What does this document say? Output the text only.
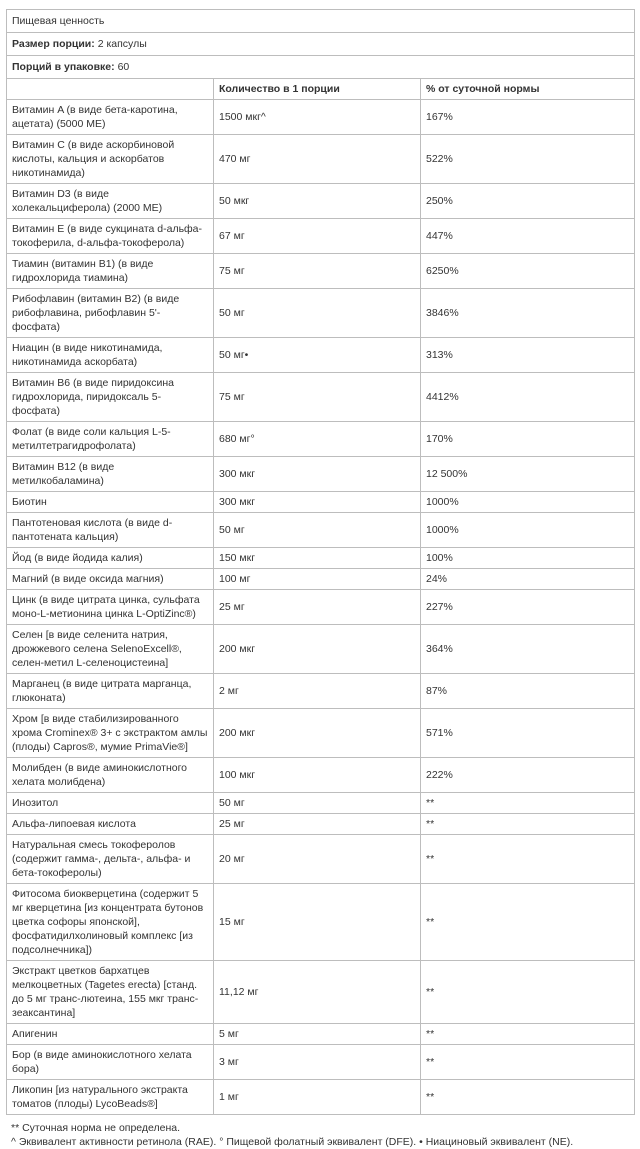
Пищевая ценность		
Размер порции: 2 капсулы		
Порций в упаковке: 60		
	Количество в 1 порции	% от суточной нормы
Витамин A (в виде бета-каротина, ацетата) (5000 МЕ)	1500 мкг^	167%
Витамин C (в виде аскорбиновой кислоты, кальция и аскорбатов никотинамида)	470 мг	522%
Витамин D3 (в виде холекальциферола) (2000 МЕ)	50 мкг	250%
Витамин E (в виде сукцината d-альфа-токоферила, d-альфа-токоферола)	67 мг	447%
Тиамин (витамин B1) (в виде гидрохлорида тиамина)	75 мг	6250%
Рибофлавин (витамин B2) (в виде рибофлавина, рибофлавин 5'-фосфата)	50 мг	3846%
Ниацин (в виде никотинамида, никотинамида аскорбата)	50 мг•	313%
Витамин B6 (в виде пиридоксина гидрохлорида, пиридоксаль 5-фосфата)	75 мг	4412%
Фолат (в виде соли кальция L-5-метилтетрагидрофолата)	680 мг°	170%
Витамин B12 (в виде метилкобаламина)	300 мкг	12 500%
Биотин	300 мкг	1000%
Пантотеновая кислота (в виде d-пантотената кальция)	50 мг	1000%
Йод (в виде йодида калия)	150 мкг	100%
Магний (в виде оксида магния)	100 мг	24%
Цинк (в виде цитрата цинка, сульфата моно-L-метионина цинка L-OptiZinc®)	25 мг	227%
Селен [в виде селенита натрия, дрожжевого селена SelenoExcell®, селен-метил L-селеноцистеина]	200 мкг	364%
Марганец (в виде цитрата марганца, глюконата)	2 мг	87%
Хром [в виде стабилизированного хрома Crominex® 3+ с экстрактом амлы (плоды) Capros®, мумие PrimaVie®]	200 мкг	571%
Молибден (в виде аминокислотного хелата молибдена)	100 мкг	222%
Инозитол	50 мг	**
Альфа-липоевая кислота	25 мг	**
Натуральная смесь токоферолов (содержит гамма-, дельта-, альфа- и бета-токоферолы)	20 мг	**
Фитосома биокверцетина (содержит 5 мг кверцетина [из концентрата бутонов цветка софоры японской], фосфатидилхолиновый комплекс [из подсолнечника])	15 мг	**
Экстракт цветков бархатцев мелкоцветных (Tagetes erecta) [станд. до 5 мг транс-лютеина, 155 мкг транс-зеаксантина]	11,12 мг	**
Апигенин	5 мг	**
Бор (в виде аминокислотного хелата бора)	3 мг	**
Ликопин [из натурального экстракта томатов (плоды) LycoBeads®]	1 мг	**
** Суточная норма не определена.
^ Эквивалент активности ретинола (RAE). ° Пищевой фолатный эквивалент (DFE). • Ниациновый эквивалент (NE).
